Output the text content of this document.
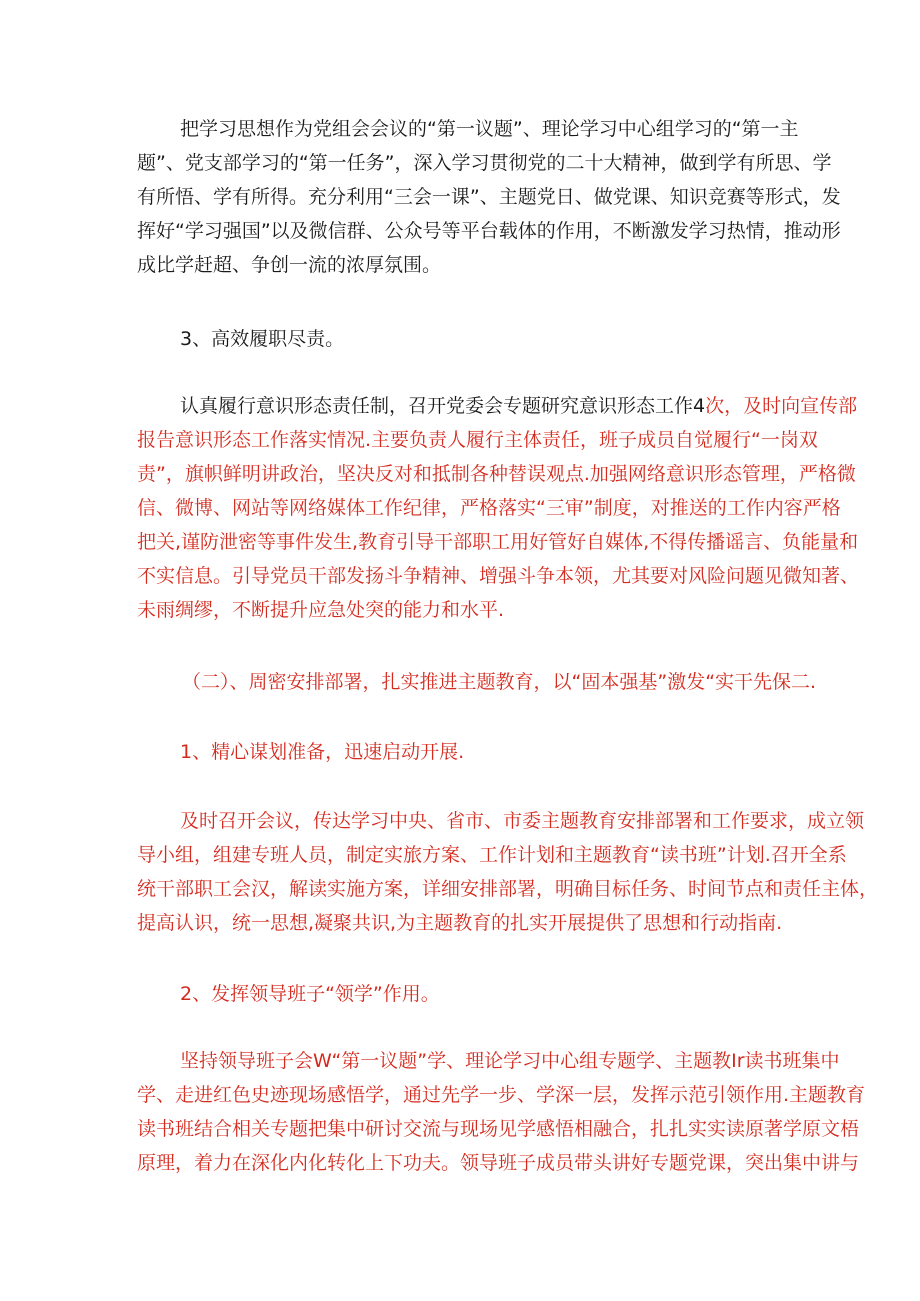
把学习思想作为党组会会议的“第一议题”、理论学习中心组学习的“第一主
题”、党支部学习的“第一任务”，深入学习贯彻党的二十大精神，做到学有所思、学
有所悟、学有所得。充分利用“三会一课”、主题党日、做党课、知识竞赛等形式，发
挥好“学习强国”以及微信群、公众号等平台载体的作用，不断激发学习热情，推动形
成比学赶超、争创一流的浓厚氛围。
3、高效履职尽责。
认真履行意识形态责任制，召开党委会专题研究意识形态工作4次，及时向宣传部
报告意识形态工作落实情况.主要负责人履行主体责任，班子成员自觉履行“一岗双
责”，旗帜鲜明讲政治，坚决反对和抵制各种替误观点.加强网络意识形态管理，严格微
信、微博、网站等网络媒体工作纪律，严格落实“三审”制度，对推送的工作内容严格
把关,谨防泄密等事件发生,教育引导干部职工用好管好自媒体,不得传播谣言、负能量和
不实信息。引导党员干部发扬斗争精神、增强斗争本领，尤其要对风险问题见微知著、
未雨绸缪，不断提升应急处突的能力和水平.
（二）、周密安排部署，扎实推进主题教育，以“固本强基”激发“实干先保二.
1、精心谋划准备，迅速启动开展.
及时召开会议，传达学习中央、省市、市委主题教育安排部署和工作要求，成立领
导小组，组建专班人员，制定实旅方案、工作计划和主题教育“读书班”计划.召开全系
统干部职工会汉，解读实施方案，详细安排部署，明确目标任务、时间节点和责任主体，
提高认识，统一思想,凝聚共识,为主题教育的扎实开展提供了思想和行动指南.
2、发挥领导班子“领学”作用。
坚持领导班子会W“第一议题”学、理论学习中心组专题学、主题教Ir读书班集中
学、走进红色史迹现场感悟学，通过先学一步、学深一层，发挥示范引领作用.主题教育
读书班结合相关专题把集中研讨交流与现场见学感悟相融合，扎扎实实读原著学原文梧
原理，着力在深化内化转化上下功夫。领导班子成员带头讲好专题党课，突出集中讲与
